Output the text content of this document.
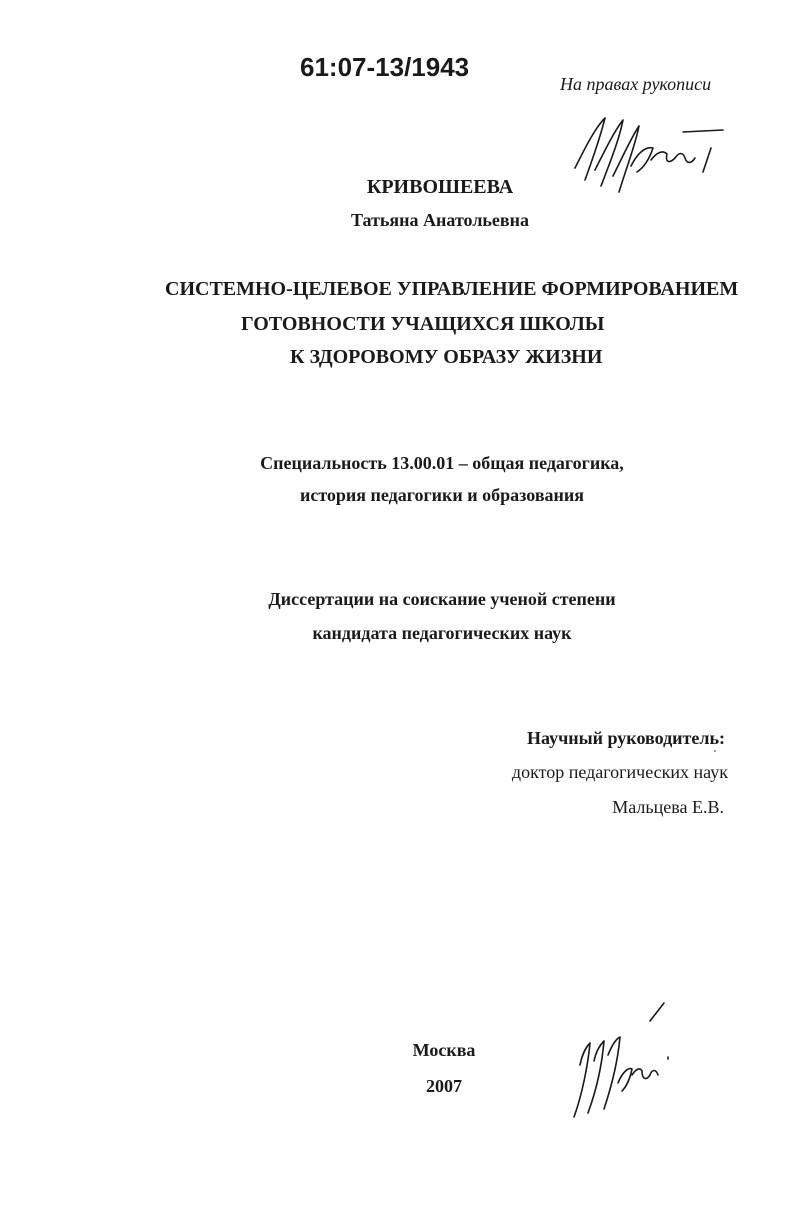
61:07-13/1943
На правах рукописи
КРИВОШЕЕВА
Татьяна Анатольевна
СИСТЕМНО-ЦЕЛЕВОЕ УПРАВЛЕНИЕ ФОРМИРОВАНИЕМ
ГОТОВНОСТИ УЧАЩИХСЯ ШКОЛЫ
К ЗДОРОВОМУ ОБРАЗУ ЖИЗНИ
Специальность 13.00.01 – общая педагогика,
история педагогики и образования
Диссертации на соискание ученой степени
кандидата педагогических наук
Научный руководитель:
доктор педагогических наук
Мальцева Е.В.
Москва
2007
